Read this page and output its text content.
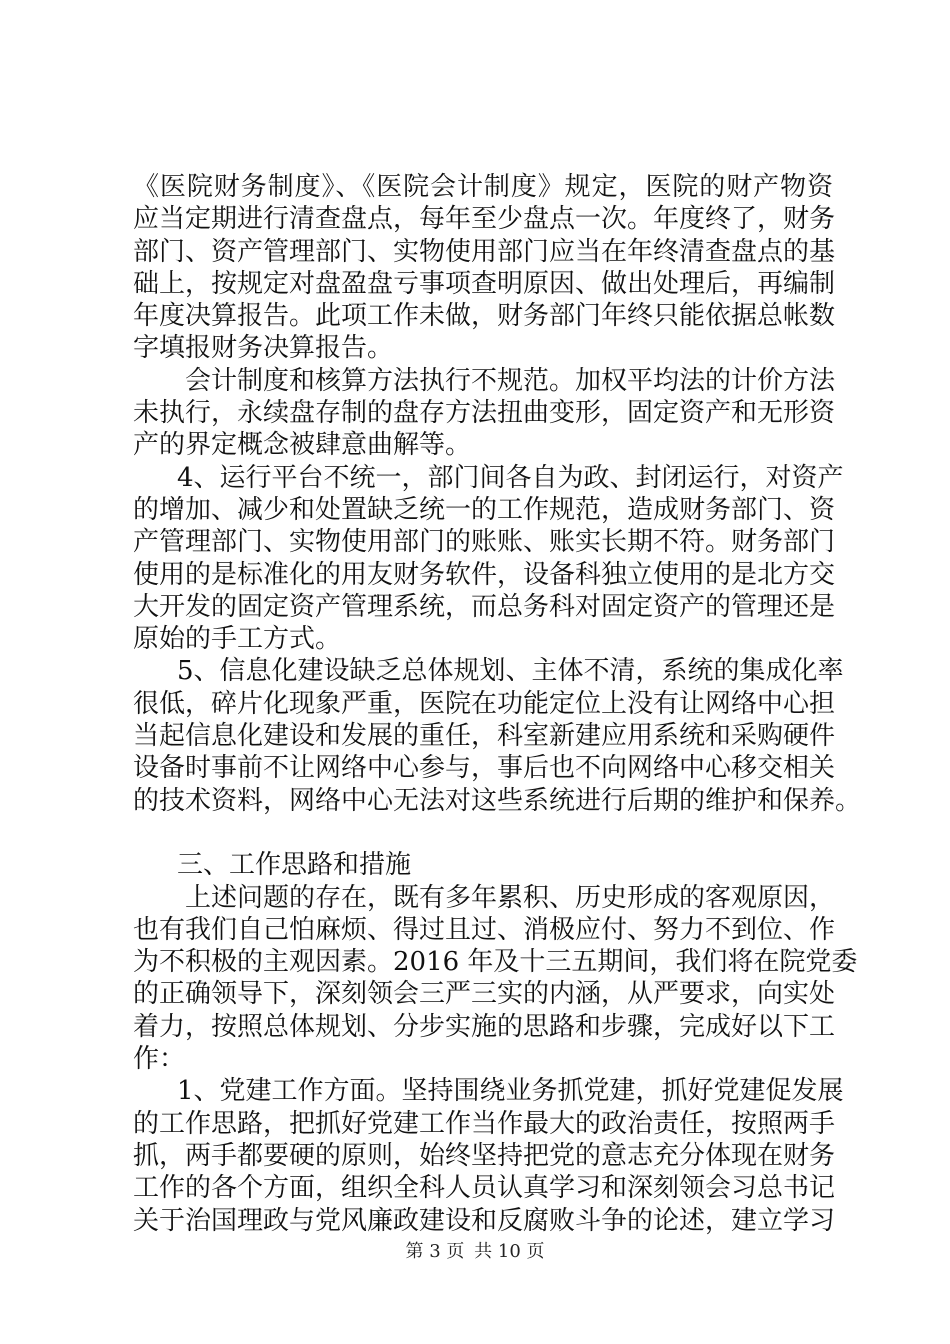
《医院财务制度》、《医院会计制度》规定，医院的财产物资
应当定期进行清查盘点，每年至少盘点一次。年度终了，财务
部门、资产管理部门、实物使用部门应当在年终清查盘点的基
础上，按规定对盘盈盘亏事项查明原因、做出处理后，再编制
年度决算报告。此项工作未做，财务部门年终只能依据总帐数
字填报财务决算报告。
会计制度和核算方法执行不规范。加权平均法的计价方法
未执行，永续盘存制的盘存方法扭曲变形，固定资产和无形资
产的界定概念被肆意曲解等。
4、运行平台不统一，部门间各自为政、封闭运行，对资产
的增加、减少和处置缺乏统一的工作规范，造成财务部门、资
产管理部门、实物使用部门的账账、账实长期不符。财务部门
使用的是标准化的用友财务软件，设备科独立使用的是北方交
大开发的固定资产管理系统，而总务科对固定资产的管理还是
原始的手工方式。
5、信息化建设缺乏总体规划、主体不清，系统的集成化率
很低，碎片化现象严重，医院在功能定位上没有让网络中心担
当起信息化建设和发展的重任，科室新建应用系统和采购硬件
设备时事前不让网络中心参与，事后也不向网络中心移交相关
的技术资料，网络中心无法对这些系统进行后期的维护和保养。
三、工作思路和措施
上述问题的存在，既有多年累积、历史形成的客观原因，
也有我们自己怕麻烦、得过且过、消极应付、努力不到位、作
为不积极的主观因素。2016 年及十三五期间，我们将在院党委
的正确领导下，深刻领会三严三实的内涵，从严要求，向实处
着力，按照总体规划、分步实施的思路和步骤，完成好以下工
作：
1、党建工作方面。坚持围绕业务抓党建，抓好党建促发展
的工作思路，把抓好党建工作当作最大的政治责任，按照两手
抓，两手都要硬的原则，始终坚持把党的意志充分体现在财务
工作的各个方面，组织全科人员认真学习和深刻领会习总书记
关于治国理政与党风廉政建设和反腐败斗争的论述，建立学习
第 3 页 共 10 页
